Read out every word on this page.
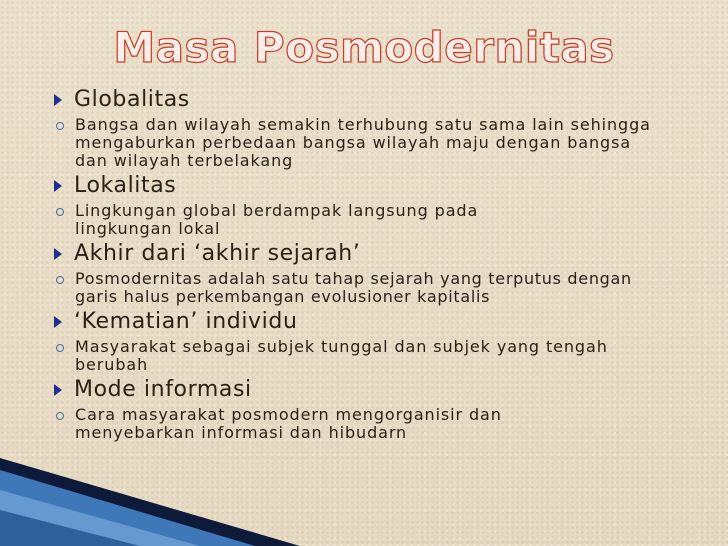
Masa Posmodernitas
Globalitas
Bangsa dan wilayah semakin terhubung satu sama lain sehingga mengaburkan perbedaan bangsa wilayah maju dengan bangsa dan wilayah terbelakang
Lokalitas
Lingkungan global berdampak langsung pada lingkungan lokal
Akhir dari ‘akhir sejarah’
Posmodernitas adalah satu tahap sejarah yang terputus dengan garis halus perkembangan evolusioner kapitalis
‘Kematian’ individu
Masyarakat sebagai subjek tunggal dan subjek yang tengah berubah
Mode informasi
Cara masyarakat posmodern mengorganisir dan menyebarkan informasi dan hibudarn
